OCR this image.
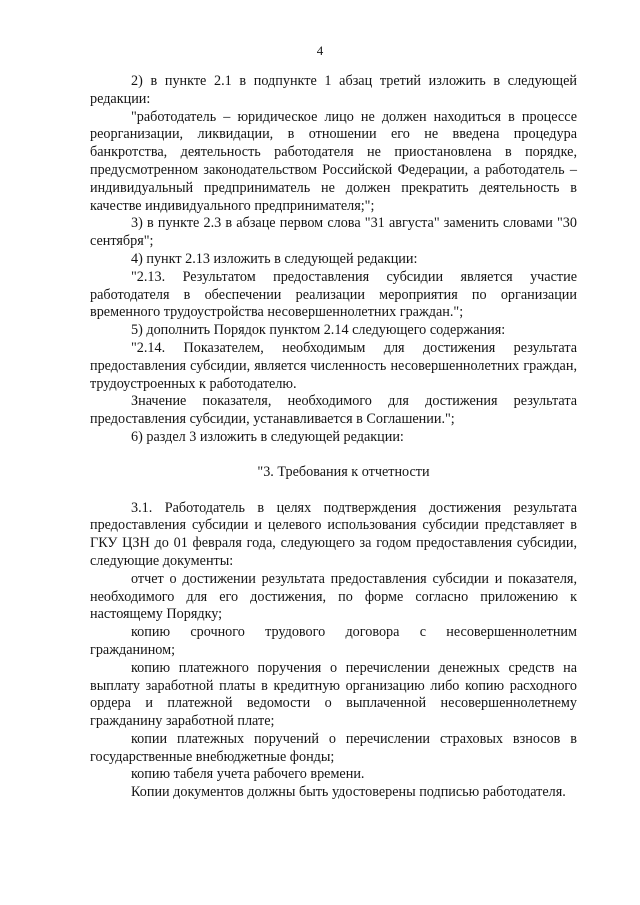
4

2) в пункте 2.1 в подпункте 1 абзац третий изложить в следующей редакции:

"работодатель – юридическое лицо не должен находиться в процессе реорганизации, ликвидации, в отношении его не введена процедура банкротства, деятельность работодателя не приостановлена в порядке, предусмотренном законодательством Российской Федерации, а работодатель – индивидуальный предприниматель не должен прекратить деятельность в качестве индивидуального предпринимателя;";

3) в пункте 2.3 в абзаце первом слова "31 августа" заменить словами "30 сентября";

4) пункт 2.13 изложить в следующей редакции:

"2.13. Результатом предоставления субсидии является участие работодателя в обеспечении реализации мероприятия по организации временного трудоустройства несовершеннолетних граждан.";

5) дополнить Порядок пунктом 2.14 следующего содержания:

"2.14. Показателем, необходимым для достижения результата предоставления субсидии, является численность несовершеннолетних граждан, трудоустроенных к работодателю.

Значение показателя, необходимого для достижения результата предоставления субсидии, устанавливается в Соглашении.";

6) раздел 3 изложить в следующей редакции:

"3. Требования к отчетности

3.1. Работодатель в целях подтверждения достижения результата предоставления субсидии и целевого использования субсидии представляет в ГКУ ЦЗН до 01 февраля года, следующего за годом предоставления субсидии, следующие документы:

отчет о достижении результата предоставления субсидии и показателя, необходимого для его достижения, по форме согласно приложению к настоящему Порядку;

копию срочного трудового договора с несовершеннолетним гражданином;

копию платежного поручения о перечислении денежных средств на выплату заработной платы в кредитную организацию либо копию расходного ордера и платежной ведомости о выплаченной несовершеннолетнему гражданину заработной плате;

копии платежных поручений о перечислении страховых взносов в государственные внебюджетные фонды;

копию табеля учета рабочего времени.

Копии документов должны быть удостоверены подписью работодателя.
